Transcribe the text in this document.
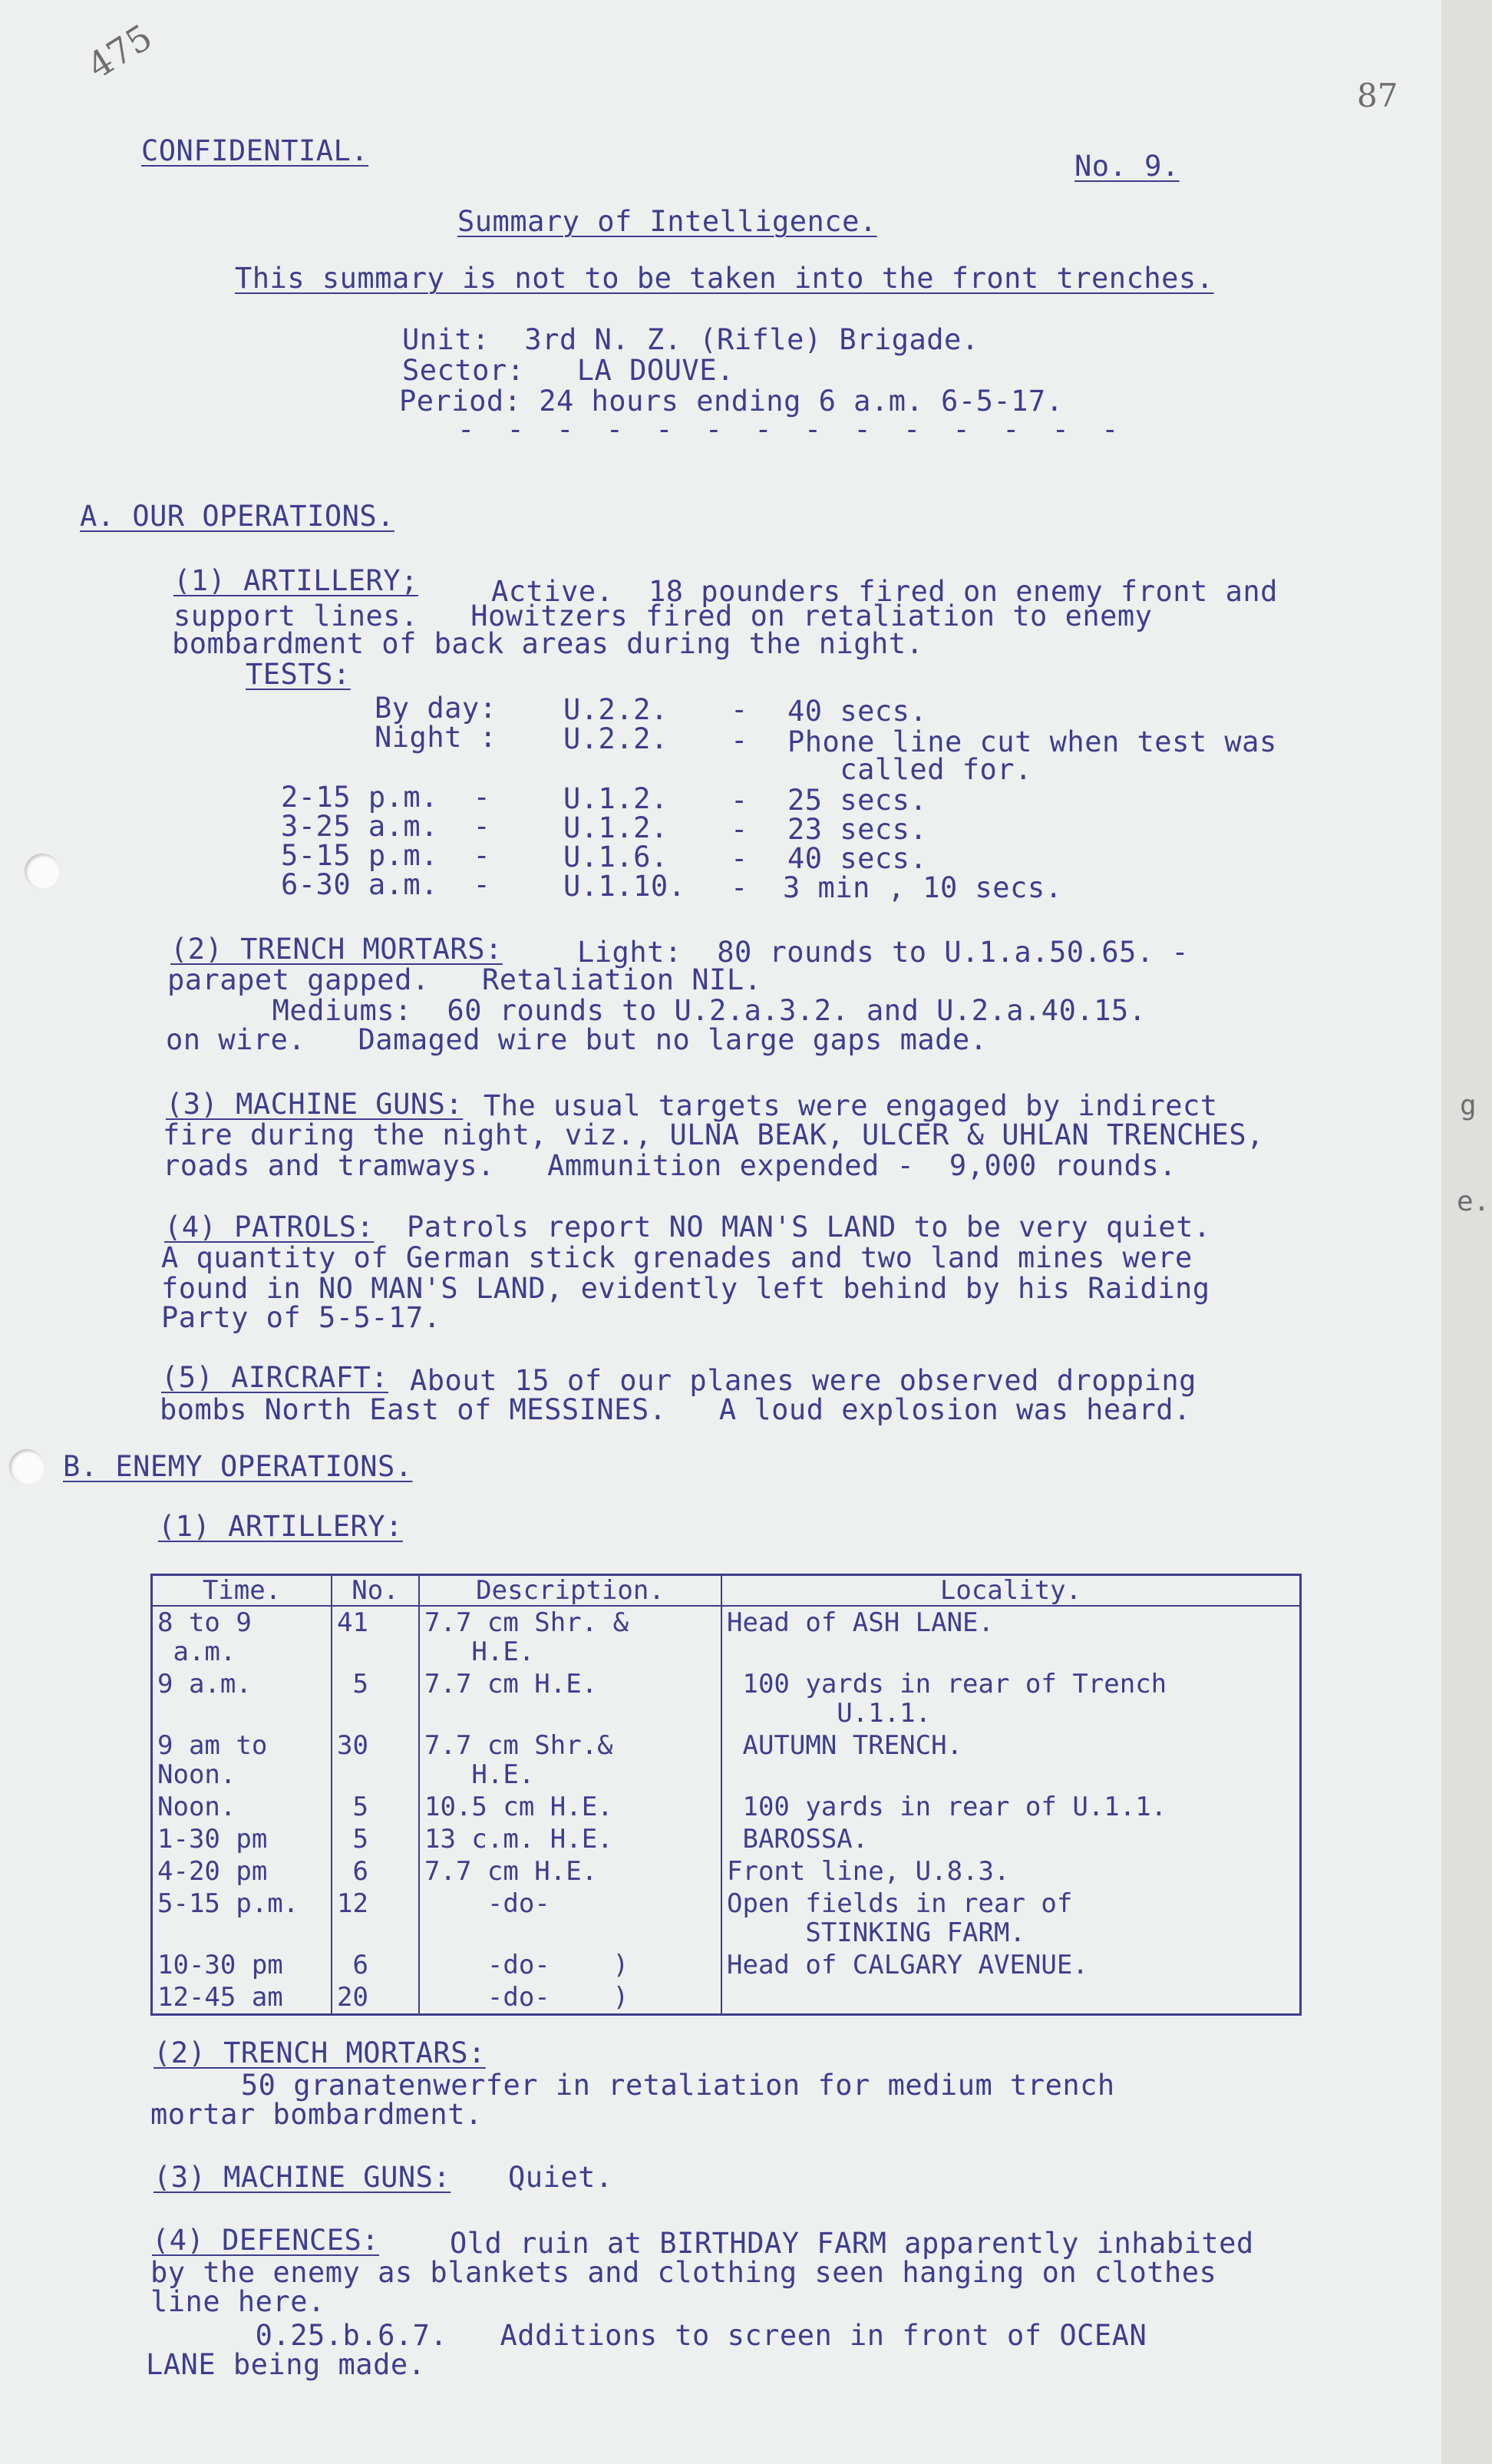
g
e.
475
87
CONFIDENTIAL.	No. 9.
Summary of Intelligence.
This summary is not to be taken into the front trenches.
Unit:  3rd N. Z. (Rifle) Brigade.
Sector:   LA DOUVE.
Period: 24 hours ending 6 a.m. 6-5-17.
- - - - - - - - - - - - - -
A. OUR OPERATIONS.
(1) ARTILLERY;	Active.  18 pounders fired on enemy front and
support lines.   Howitzers fired on retaliation to enemy
bombardment of back areas during the night.
TESTS:
By day: U.2.2. - 40 secs.
Night : U.2.2. - Phone line cut when test was
called for.
2-15 p.m.  -	U.1.2. - 25 secs.
3-25 a.m.  -	U.1.2. - 23 secs.
5-15 p.m.  -	U.1.6. - 40 secs.
6-30 a.m.  -	U.1.10. - 3 min , 10 secs.
(2) TRENCH MORTARS:	Light:  80 rounds to U.1.a.50.65. -
parapet gapped.   Retaliation NIL.
Mediums:  60 rounds to U.2.a.3.2. and U.2.a.40.15.
on wire.   Damaged wire but no large gaps made.
(3) MACHINE GUNS: The usual targets were engaged by indirect
fire during the night, viz., ULNA BEAK, ULCER & UHLAN TRENCHES,
roads and tramways.   Ammunition expended -  9,000 rounds.
(4) PATROLS: Patrols report NO MAN'S LAND to be very quiet.
A quantity of German stick grenades and two land mines were
found in NO MAN'S LAND, evidently left behind by his Raiding
Party of 5-5-17.
(5) AIRCRAFT: About 15 of our planes were observed dropping
bombs North East of MESSINES.   A loud explosion was heard.
B. ENEMY OPERATIONS.
(1) ARTILLERY:
Time.	No.	Description.	Locality.
8 to 9
a.m.	41	7.7 cm Shr. &
H.E.	Head of ASH LANE.
9 a.m.	5	7.7 cm H.E.	100 yards in rear of Trench
U.1.1.
9 am to
Noon.	30	7.7 cm Shr.&
H.E.	AUTUMN TRENCH.
Noon.	5	10.5 cm H.E.	100 yards in rear of U.1.1.
1-30 pm	5	13 c.m. H.E.	BAROSSA.
4-20 pm	6	7.7 cm H.E.	Front line, U.8.3.
5-15 p.m.	12	-do-	Open fields in rear of
STINKING FARM.
10-30 pm	6	-do-    )	Head of CALGARY AVENUE.
12-45 am	20	-do-    )	
(2) TRENCH MORTARS:
50 granatenwerfer in retaliation for medium trench
mortar bombardment.
(3) MACHINE GUNS: Quiet.
(4) DEFENCES: Old ruin at BIRTHDAY FARM apparently inhabited
by the enemy as blankets and clothing seen hanging on clothes
line here.
0.25.b.6.7.   Additions to screen in front of OCEAN
LANE being made.
